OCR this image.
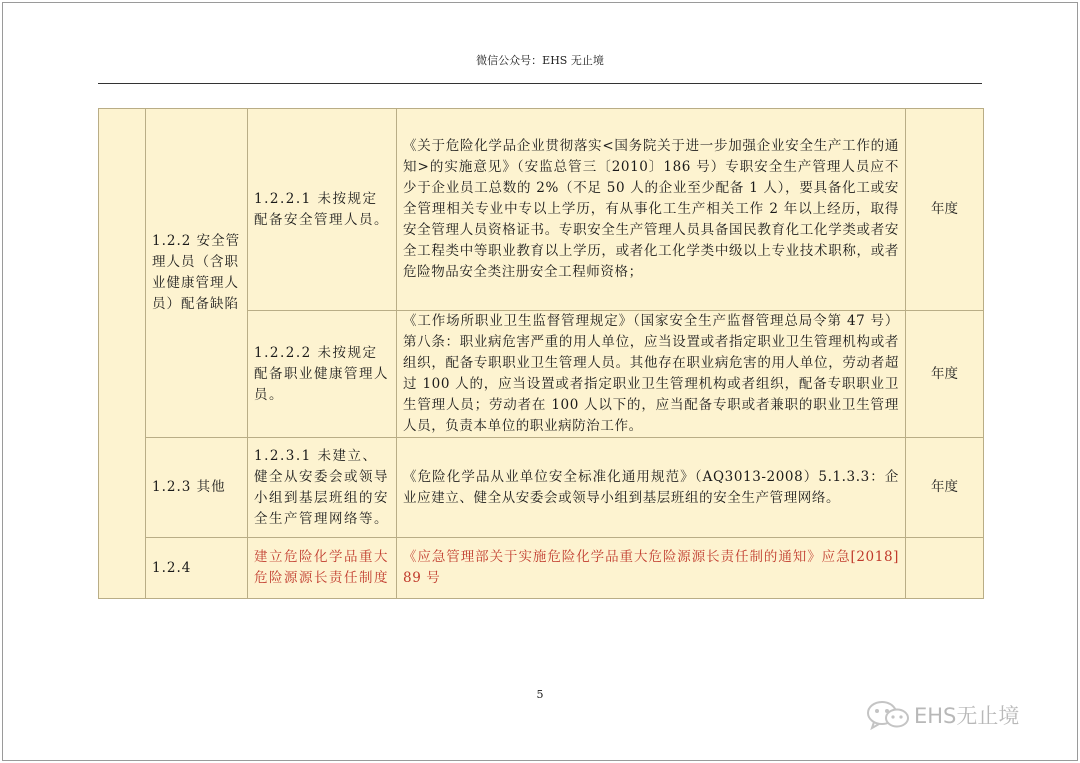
微信公众号：EHS 无止境
	1.2.2 安全管理人员（含职业健康管理人员）配备缺陷	1.2.2.1 未按规定配备安全管理人员。	《关于危险化学品企业贯彻落实<国务院关于进一步加强企业安全生产工作的通知>的实施意见》（安监总管三〔2010〕186 号）专职安全生产管理人员应不少于企业员工总数的 2%（不足 50 人的企业至少配备 1 人），要具备化工或安全管理相关专业中专以上学历，有从事化工生产相关工作 2 年以上经历，取得安全管理人员资格证书。专职安全生产管理人员具备国民教育化工化学类或者安全工程类中等职业教育以上学历，或者化工化学类中级以上专业技术职称，或者危险物品安全类注册安全工程师资格；	年度
		1.2.2.2 未按规定配备职业健康管理人员。	《工作场所职业卫生监督管理规定》（国家安全生产监督管理总局令第 47 号）第八条：职业病危害严重的用人单位，应当设置或者指定职业卫生管理机构或者组织，配备专职职业卫生管理人员。其他存在职业病危害的用人单位，劳动者超过 100 人的，应当设置或者指定职业卫生管理机构或者组织，配备专职职业卫生管理人员；劳动者在 100 人以下的，应当配备专职或者兼职的职业卫生管理人员，负责本单位的职业病防治工作。	年度
	1.2.3 其他	1.2.3.1 未建立、健全从安委会或领导小组到基层班组的安全生产管理网络等。	《危险化学品从业单位安全标准化通用规范》（AQ3013-2008）5.1.3.3：企业应建立、健全从安委会或领导小组到基层班组的安全生产管理网络。	年度
	1.2.4	建立危险化学品重大危险源源长责任制度	《应急管理部关于实施危险化学品重大危险源源长责任制的通知》应急[2018] 89 号	
5
EHS无止境
